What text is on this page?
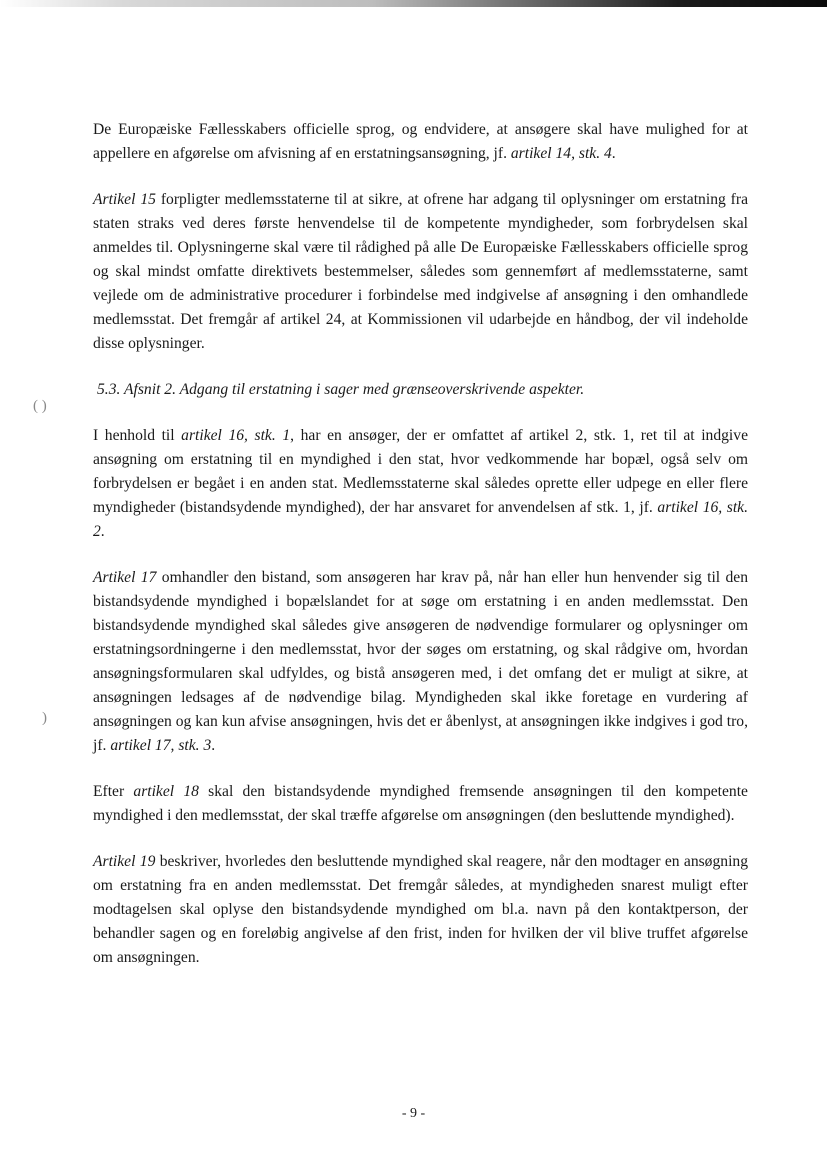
( )
)

De Europæiske Fællesskabers officielle sprog, og endvidere, at ansøgere skal have mulighed for at appellere en afgørelse om afvisning af en erstatningsansøgning, jf. artikel 14, stk. 4.

Artikel 15 forpligter medlemsstaterne til at sikre, at ofrene har adgang til oplysninger om erstatning fra staten straks ved deres første henvendelse til de kompetente myndigheder, som forbrydelsen skal anmeldes til. Oplysningerne skal være til rådighed på alle De Europæiske Fællesskabers officielle sprog og skal mindst omfatte direktivets bestemmelser, således som gennemført af medlemsstaterne, samt vejlede om de administrative procedurer i forbindelse med indgivelse af ansøgning i den omhandlede medlemsstat. Det fremgår af artikel 24, at Kommissionen vil udarbejde en håndbog, der vil indeholde disse oplysninger.

5.3. Afsnit 2. Adgang til erstatning i sager med grænseoverskrivende aspekter.

I henhold til artikel 16, stk. 1, har en ansøger, der er omfattet af artikel 2, stk. 1, ret til at indgive ansøgning om erstatning til en myndighed i den stat, hvor vedkommende har bopæl, også selv om forbrydelsen er begået i en anden stat. Medlemsstaterne skal således oprette eller udpege en eller flere myndigheder (bistandsydende myndighed), der har ansvaret for anvendelsen af stk. 1, jf. artikel 16, stk. 2.

Artikel 17 omhandler den bistand, som ansøgeren har krav på, når han eller hun henvender sig til den bistandsydende myndighed i bopælslandet for at søge om erstatning i en anden medlemsstat. Den bistandsydende myndighed skal således give ansøgeren de nødvendige formularer og oplysninger om erstatningsordningerne i den medlemsstat, hvor der søges om erstatning, og skal rådgive om, hvordan ansøgningsformularen skal udfyldes, og bistå ansøgeren med, i det omfang det er muligt at sikre, at ansøgningen ledsages af de nødvendige bilag. Myndigheden skal ikke foretage en vurdering af ansøgningen og kan kun afvise ansøgningen, hvis det er åbenlyst, at ansøgningen ikke indgives i god tro, jf. artikel 17, stk. 3.

Efter artikel 18 skal den bistandsydende myndighed fremsende ansøgningen til den kompetente myndighed i den medlemsstat, der skal træffe afgørelse om ansøgningen (den besluttende myndighed).

Artikel 19 beskriver, hvorledes den besluttende myndighed skal reagere, når den modtager en ansøgning om erstatning fra en anden medlemsstat. Det fremgår således, at myndigheden snarest muligt efter modtagelsen skal oplyse den bistandsydende myndighed om bl.a. navn på den kontaktperson, der behandler sagen og en foreløbig angivelse af den frist, inden for hvilken der vil blive truffet afgørelse om ansøgningen.

- 9 -
